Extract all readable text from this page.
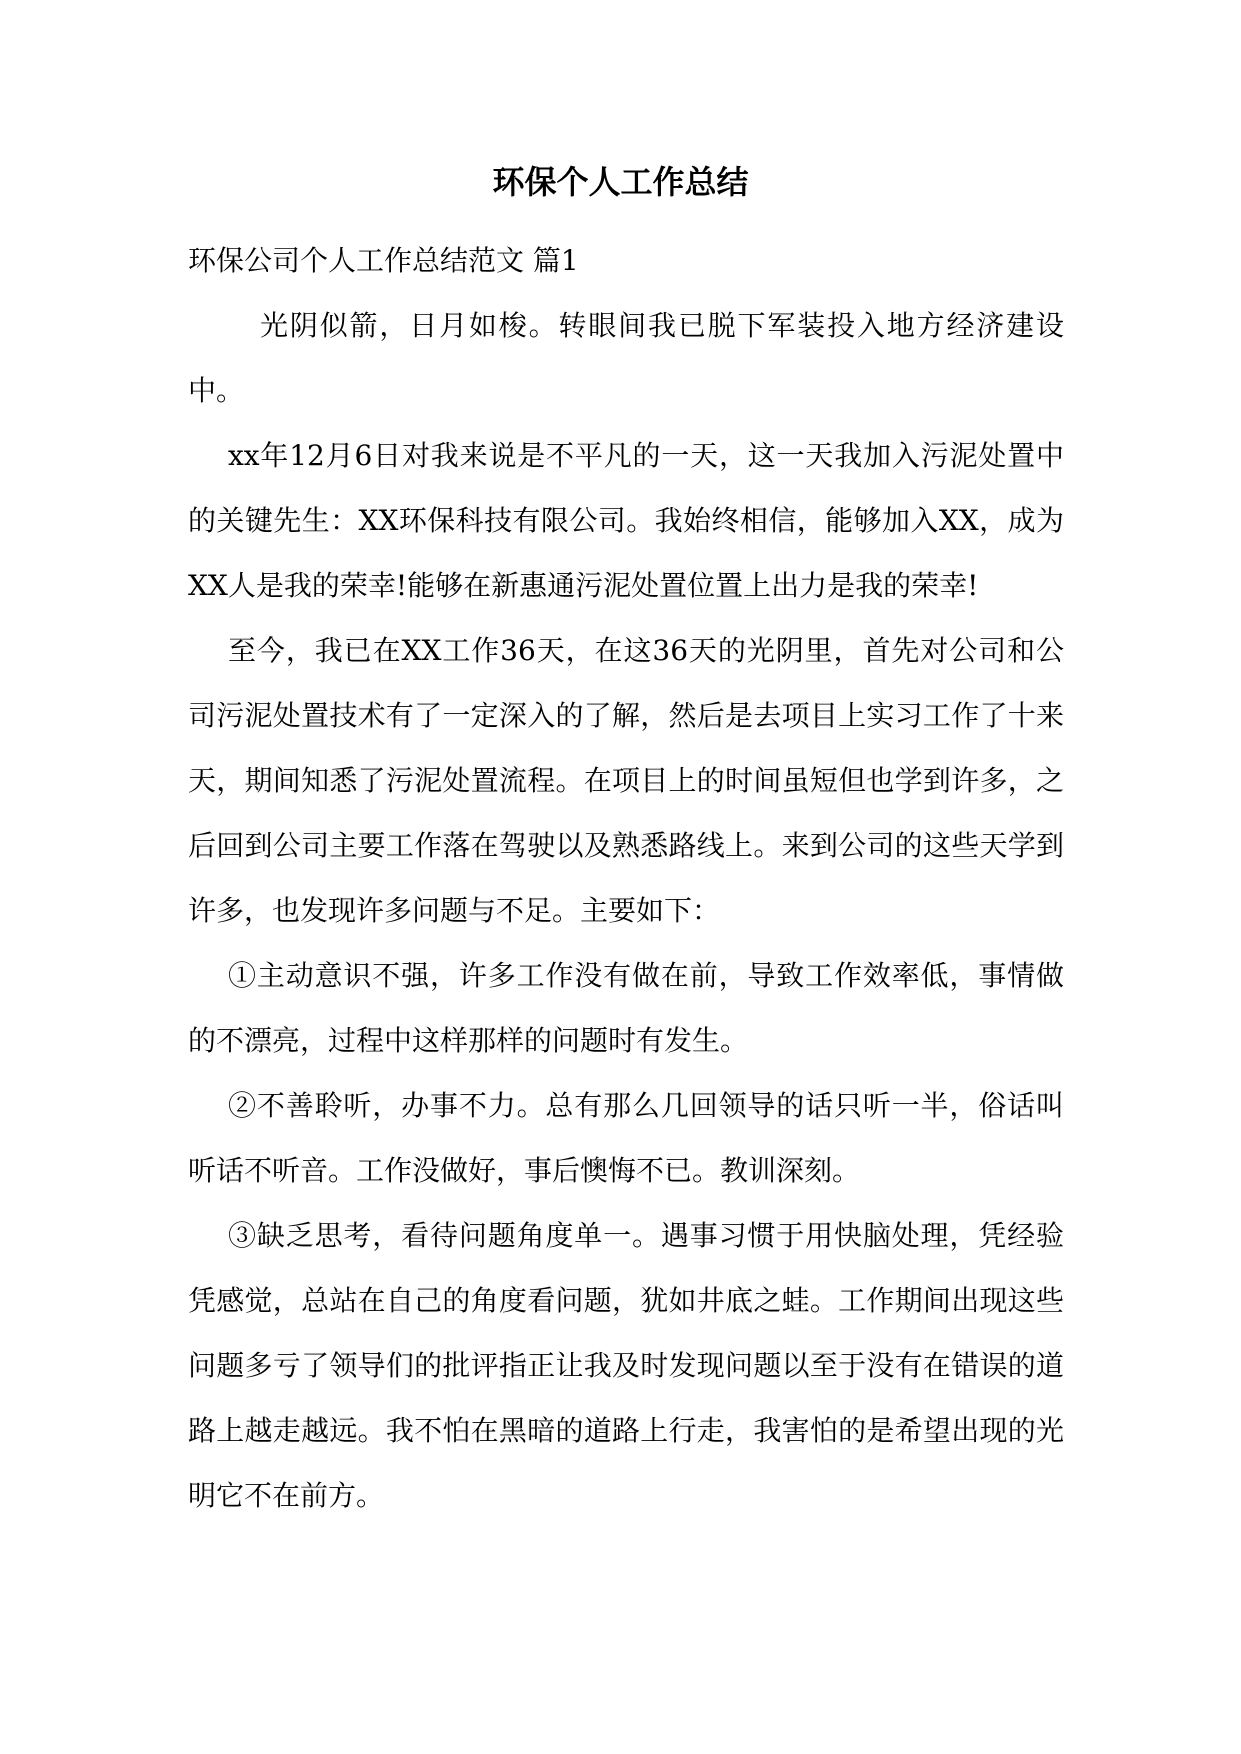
环保个人工作总结

环保公司个人工作总结范文 篇1

光阴似箭，日月如梭。转眼间我已脱下军装投入地方经济建设中。

xx年12月6日对我来说是不平凡的一天，这一天我加入污泥处置中的关键先生：XX环保科技有限公司。我始终相信，能够加入XX，成为XX人是我的荣幸!能够在新惠通污泥处置位置上出力是我的荣幸!

至今，我已在XX工作36天，在这36天的光阴里，首先对公司和公司污泥处置技术有了一定深入的了解，然后是去项目上实习工作了十来天，期间知悉了污泥处置流程。在项目上的时间虽短但也学到许多，之后回到公司主要工作落在驾驶以及熟悉路线上。来到公司的这些天学到许多，也发现许多问题与不足。主要如下：

①主动意识不强，许多工作没有做在前，导致工作效率低，事情做的不漂亮，过程中这样那样的问题时有发生。

②不善聆听，办事不力。总有那么几回领导的话只听一半，俗话叫听话不听音。工作没做好，事后懊悔不已。教训深刻。

③缺乏思考，看待问题角度单一。遇事习惯于用快脑处理，凭经验凭感觉，总站在自己的角度看问题，犹如井底之蛙。工作期间出现这些问题多亏了领导们的批评指正让我及时发现问题以至于没有在错误的道路上越走越远。我不怕在黑暗的道路上行走，我害怕的是希望出现的光明它不在前方。
